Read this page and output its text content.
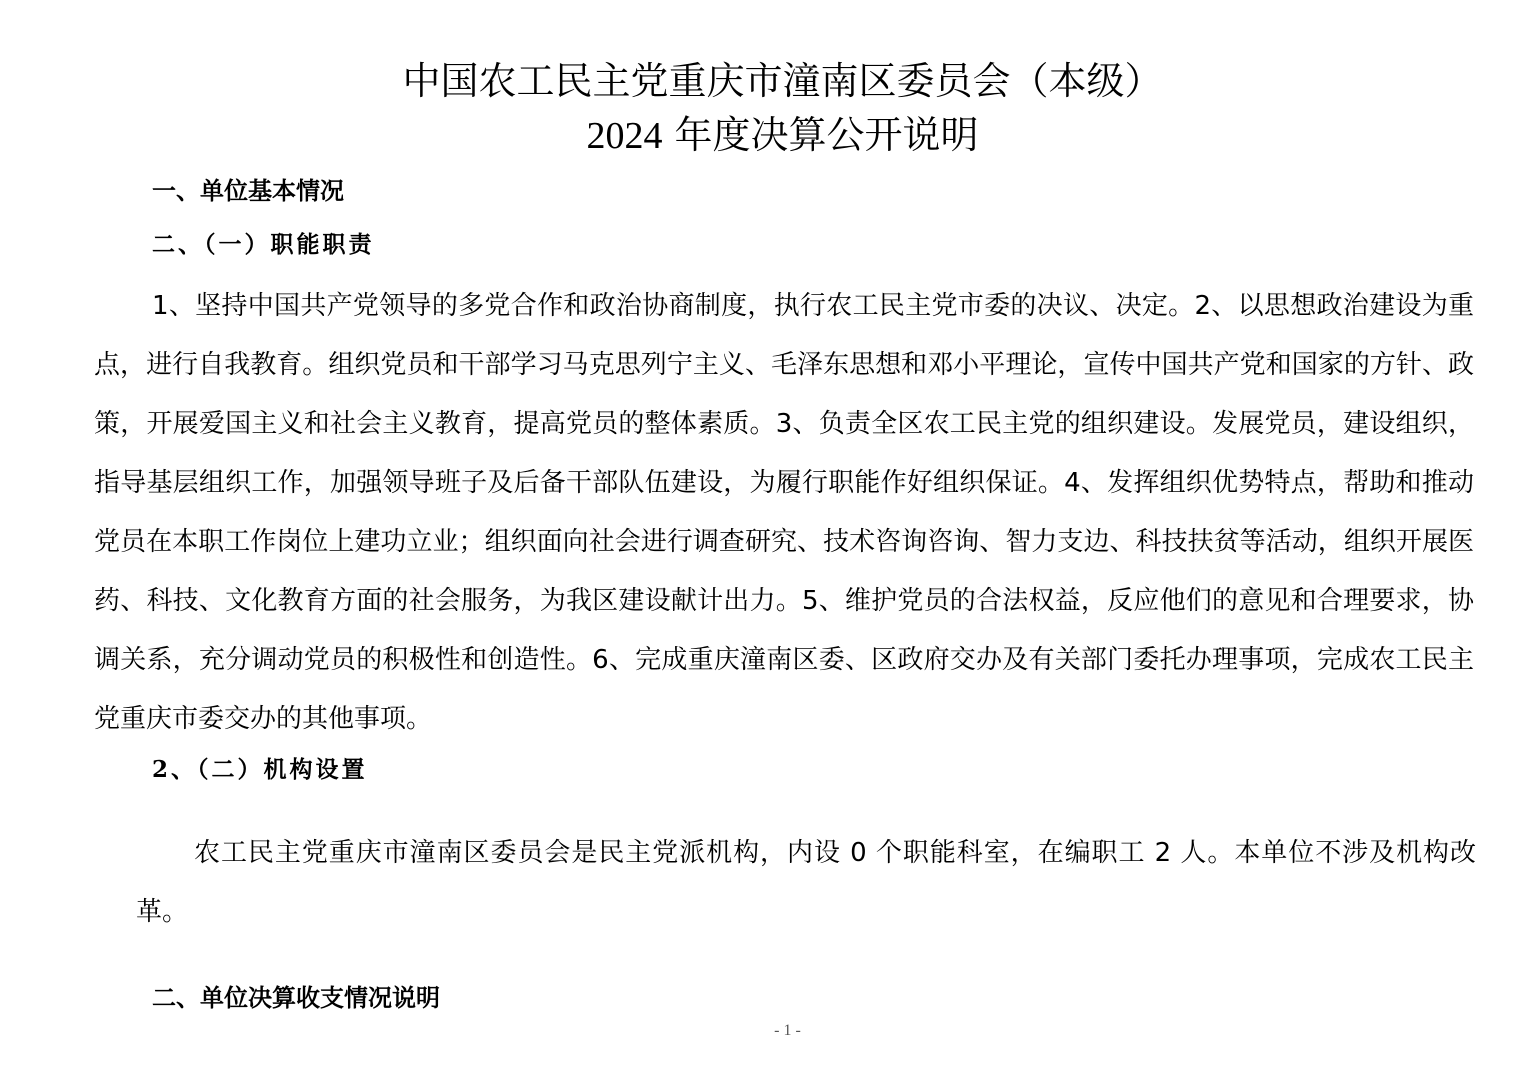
中国农工民主党重庆市潼南区委员会（本级）
2024 年度决算公开说明
一、单位基本情况
二、（一）职能职责

1、坚持中国共产党领导的多党合作和政治协商制度，执行农工民主党市委的决议、决定。2、以思想政治建设为重点，进行自我教育。组织党员和干部学习马克思列宁主义、毛泽东思想和邓小平理论，宣传中国共产党和国家的方针、政策，开展爱国主义和社会主义教育，提高党员的整体素质。3、负责全区农工民主党的组织建设。发展党员，建设组织，指导基层组织工作，加强领导班子及后备干部队伍建设，为履行职能作好组织保证。4、发挥组织优势特点，帮助和推动党员在本职工作岗位上建功立业；组织面向社会进行调查研究、技术咨询咨询、智力支边、科技扶贫等活动，组织开展医药、科技、文化教育方面的社会服务，为我区建设献计出力。5、维护党员的合法权益，反应他们的意见和合理要求，协调关系，充分调动党员的积极性和创造性。6、完成重庆潼南区委、区政府交办及有关部门委托办理事项，完成农工民主党重庆市委交办的其他事项。

2、（二）机构设置

农工民主党重庆市潼南区委员会是民主党派机构，内设 0 个职能科室，在编职工 2 人。本单位不涉及机构改革。

二、单位决算收支情况说明
- 1 -
